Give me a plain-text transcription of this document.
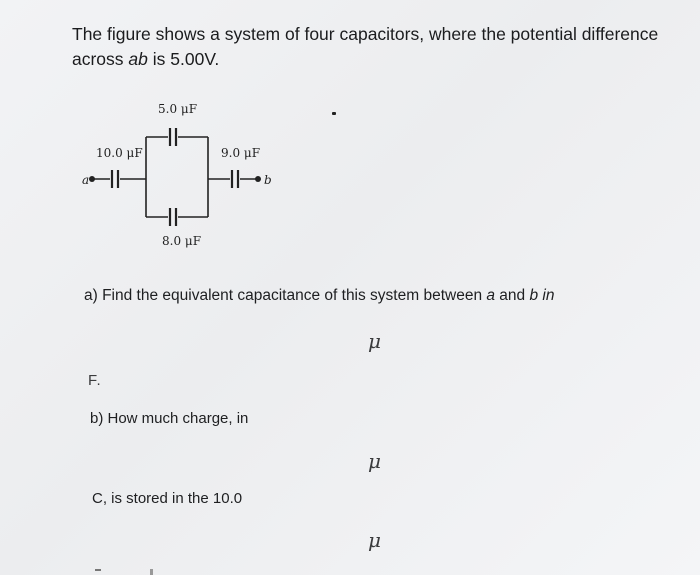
The figure shows a system of four capacitors, where the potential difference across ab is 5.00V.
a	b
5.0 μF
10.0 μF	9.0 μF
8.0 μF
a) Find the equivalent capacitance of this system between a and b in
μ
F.
b) How much charge, in
μ
C, is stored in the 10.0
μ
